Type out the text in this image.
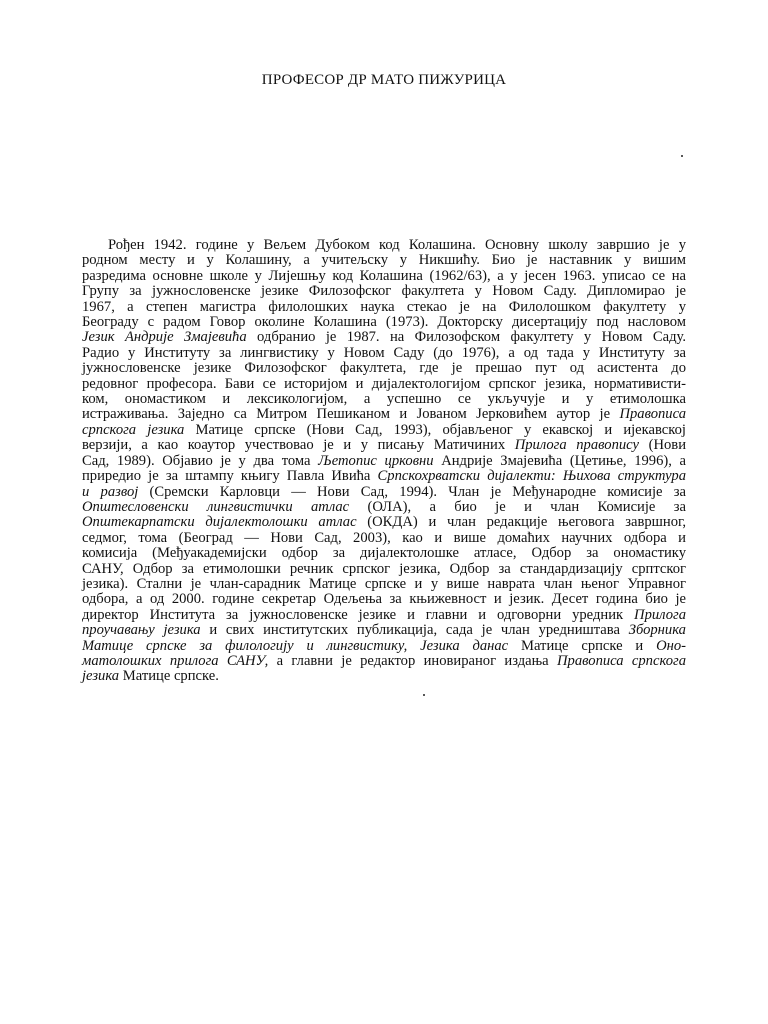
ПРОФЕСОР ДР МАТО ПИЖУРИЦА
Рођен 1942. године у Вељем Дубоком код Колашина. Основну школу завршио је у
родном месту и у Колашину, а учитељску у Никшићу. Био је наставник у вишим
разредима основне школе у Лијешњу код Колашина (1962/63), а у јесен 1963. уписао се на
Групу за јужнословенске језике Филозофског факултета у Новом Саду. Дипломирао је
1967, а степен магистра филолошких наука стекао је на Филолошком факултету у
Београду с радом Говор околине Колашина (1973). Докторску дисертацију под насловом
Језик Андрије Змајевића одбранио је 1987. на Филозофском факултету у Новом Саду.
Радио у Институту за лингвистику у Новом Саду (до 1976), а од тада у Институту за
јужнословенске језике Филозофског факултета, где је прешао пут од асистента до
редовног професора. Бави се историјом и дијалектологијом српског језика, нормативисти-
ком, ономастиком и лексикологијом, а успешно се укључује и у етимолошка
истраживања. Заједно са Митром Пешиканом и Јованом Јерковићем аутор је Правописа
српскога језика Матице српске (Нови Сад, 1993), објављеног у екавској и ијекавској
верзији, а као коаутор учествовао је и у писању Матичиних Прилога правопису (Нови
Сад, 1989). Објавио је у два тома Љетопис црковни Андрије Змајевића (Цетиње, 1996), а
приредио је за штампу књигу Павла Ивића Српскохрватски дијалекти: Њихова структура
и развој (Сремски Карловци — Нови Сад, 1994). Члан је Међународне комисије за
Општесловенски лингвистички атлас (ОЛА), а био је и члан Комисије за
Општекарпатски дијалектолошки атлас (ОКДА) и члан редакције његовога завршног,
седмог, тома (Београд — Нови Сад, 2003), као и више домаћих научних одбора и
комисија (Међуакадемијски одбор за дијалектолошке атласе, Одбор за ономастику
САНУ, Одбор за етимолошки речник српског језика, Одбор за стандардизацију срптског
језика). Стални је члан-сарадник Матице српске и у више наврата члан њеног Управног
одбора, а од 2000. године секретар Одељења за књижевност и језик. Десет година био је
директор Института за јужнословенске језике и главни и одговорни уредник Прилога
проучавању језика и свих институтских публикација, сада је члан уредништава Зборника
Матице српске за филологију и лингвистику, Језика данас Матице српске и Оно-
матолошких прилога САНУ, а главни је редактор иновираног издања Правописа српскога
језика Матице српске.
